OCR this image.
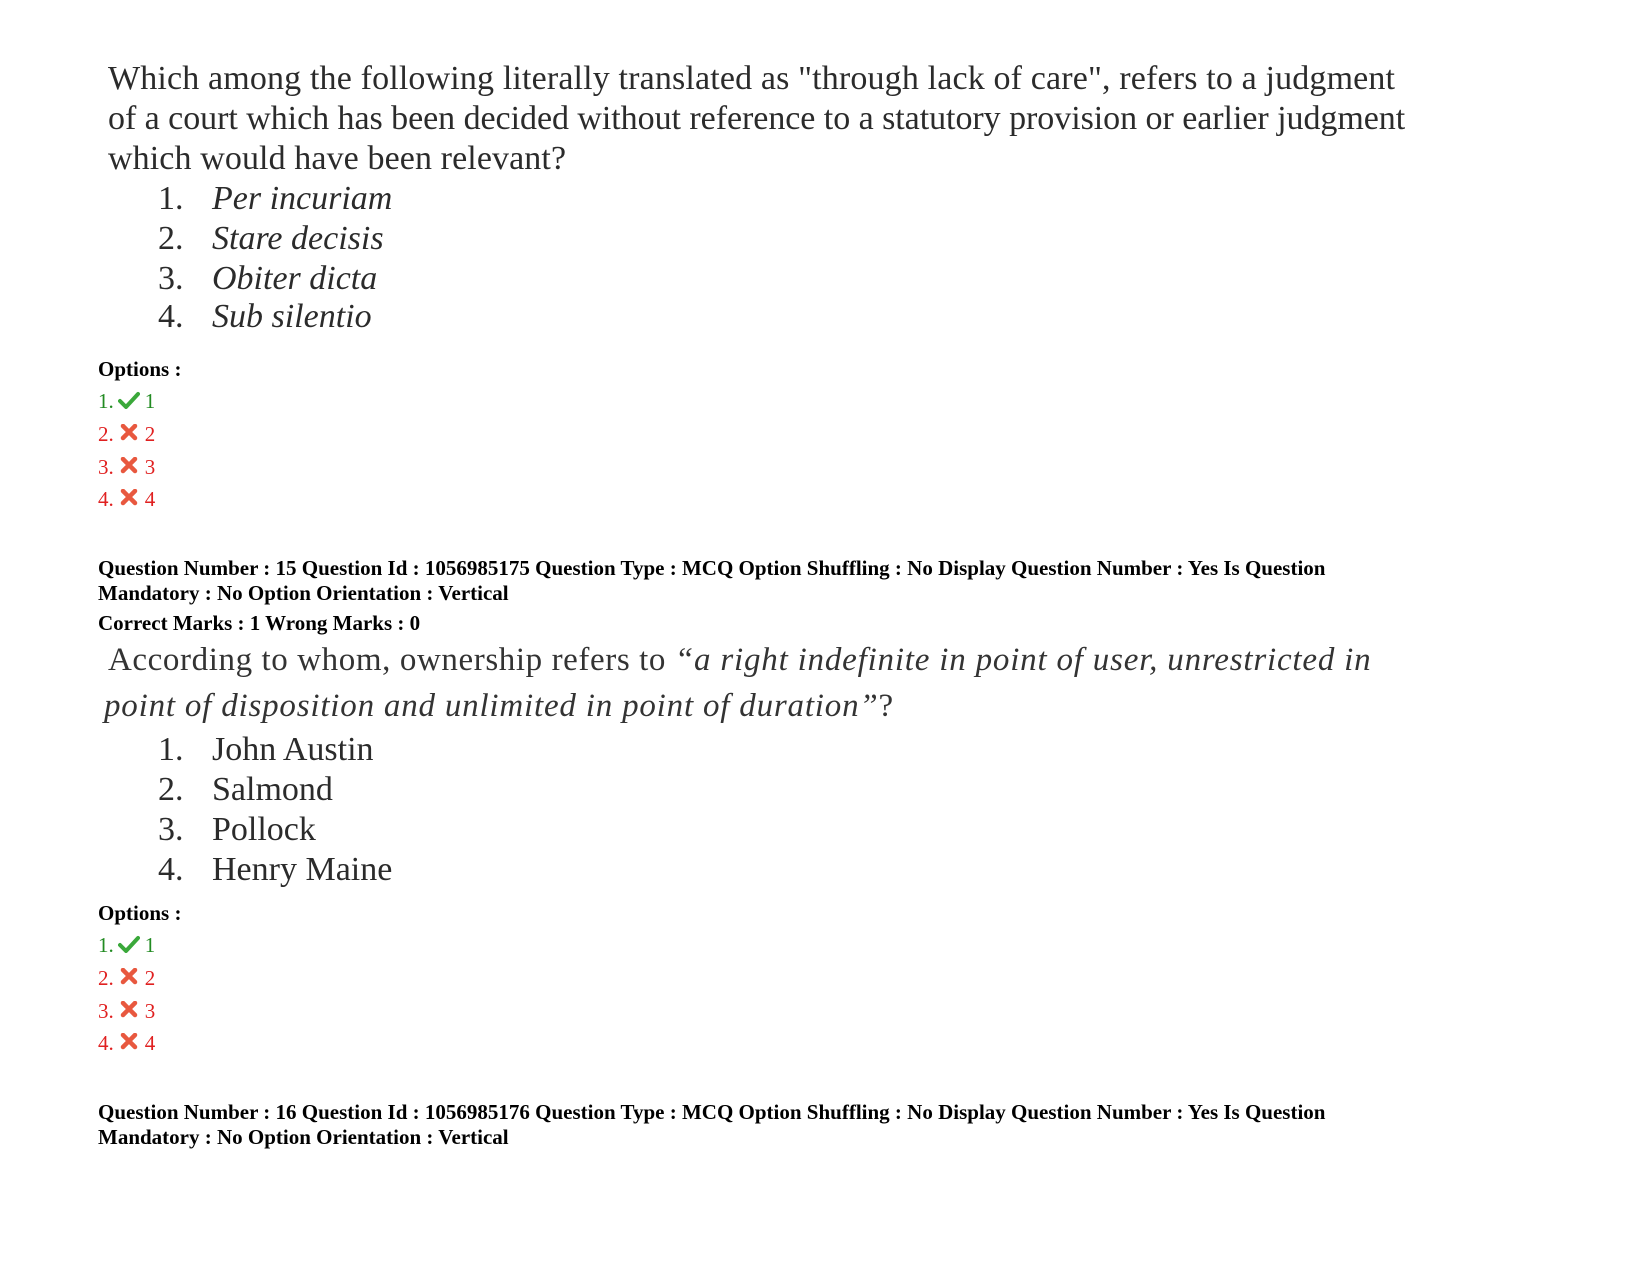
Which among the following literally translated as "through lack of care", refers to a judgment
of a court which has been decided without reference to a statutory provision or earlier judgment
which would have been relevant?
1. Per incuriam
2. Stare decisis
3. Obiter dicta
4. Sub silentio
Options :
1. 1
2. 2
3. 3
4. 4
Question Number : 15 Question Id : 1056985175 Question Type : MCQ Option Shuffling : No Display Question Number : Yes Is Question
Mandatory : No Option Orientation : Vertical
Correct Marks : 1 Wrong Marks : 0
According to whom, ownership refers to “a right indefinite in point of user, unrestricted in
point of disposition and unlimited in point of duration”?
1. John Austin
2. Salmond
3. Pollock
4. Henry Maine
Options :
1. 1
2. 2
3. 3
4. 4
Question Number : 16 Question Id : 1056985176 Question Type : MCQ Option Shuffling : No Display Question Number : Yes Is Question
Mandatory : No Option Orientation : Vertical
